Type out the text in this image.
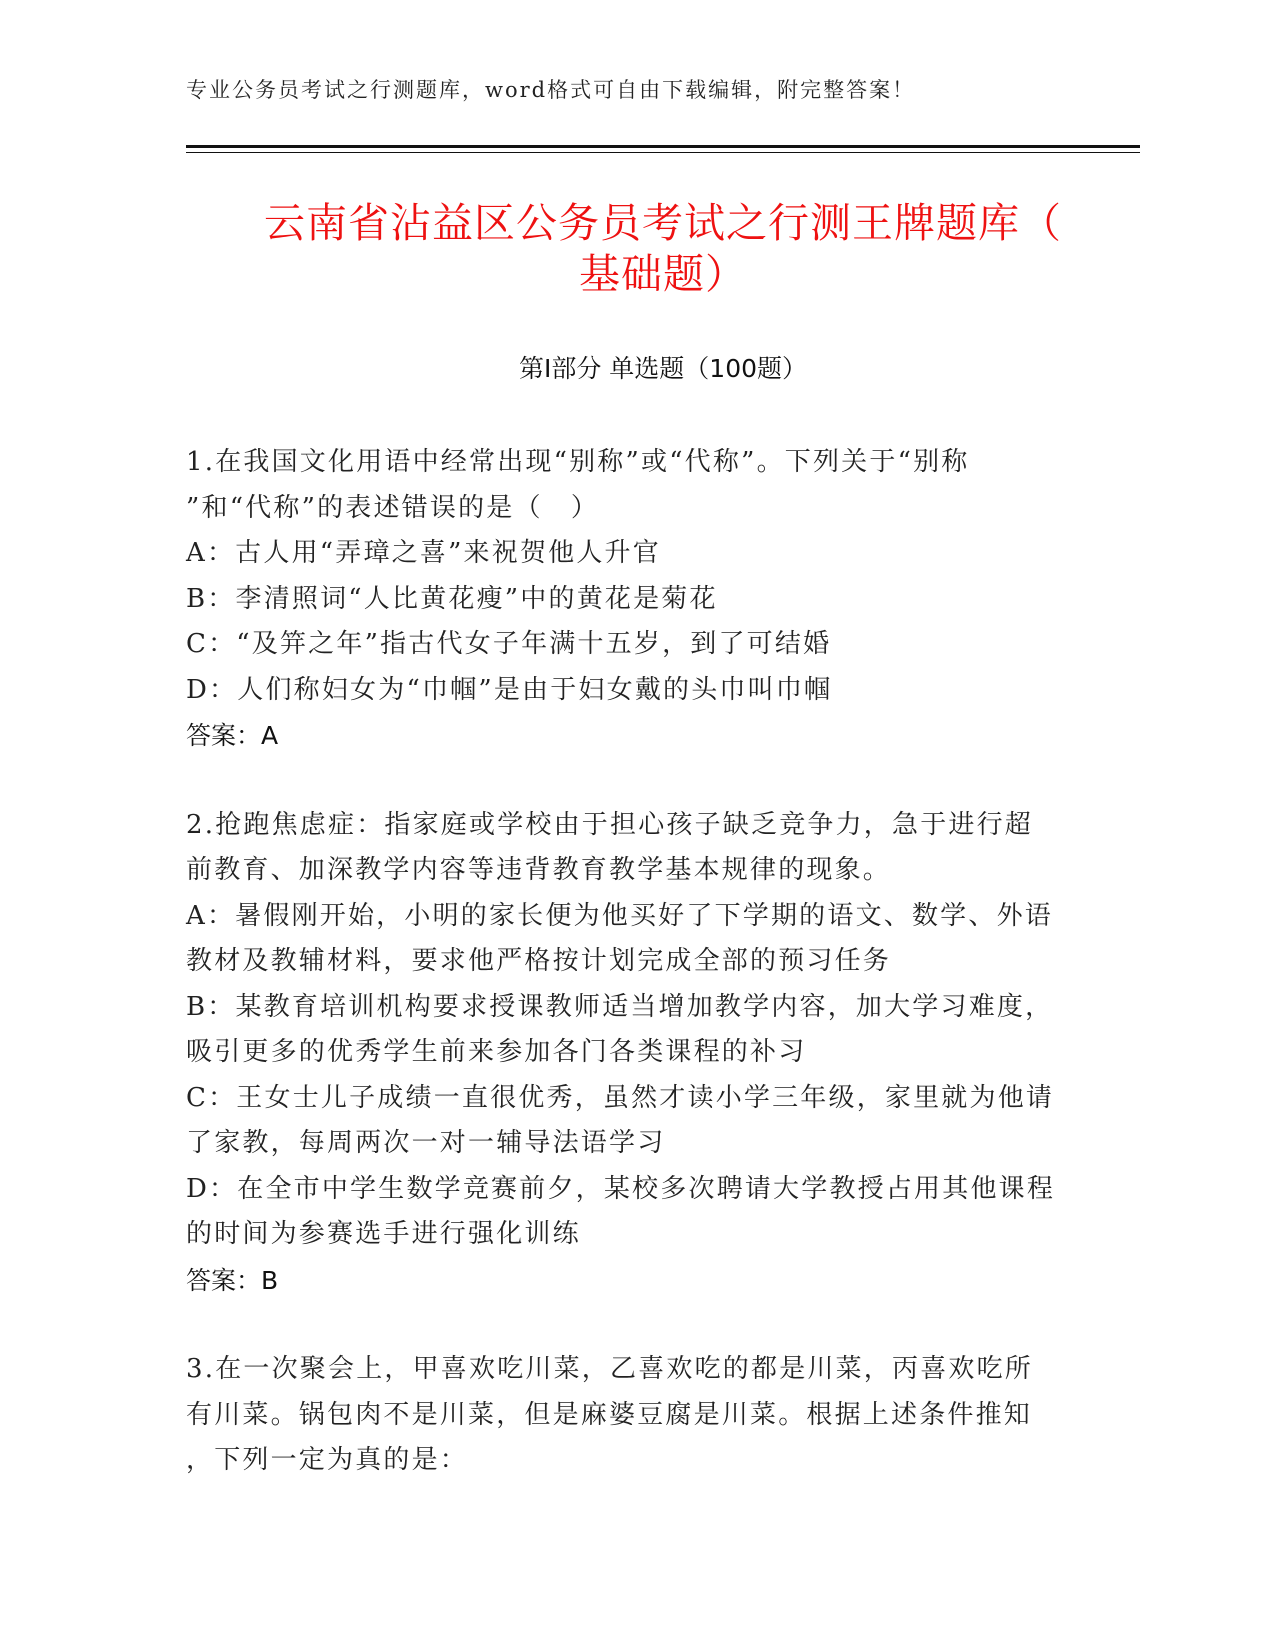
专业公务员考试之行测题库，word格式可自由下载编辑，附完整答案！
云南省沾益区公务员考试之行测王牌题库（
基础题）
第Ⅰ部分 单选题（100题）
1.在我国文化用语中经常出现“别称”或“代称”。下列关于“别称
”和“代称”的表述错误的是（　）
A：古人用“弄璋之喜”来祝贺他人升官
B：李清照词“人比黄花瘦”中的黄花是菊花
C：“及笄之年”指古代女子年满十五岁，到了可结婚
D：人们称妇女为“巾帼”是由于妇女戴的头巾叫巾帼
答案：A
2.抢跑焦虑症：指家庭或学校由于担心孩子缺乏竞争力，急于进行超
前教育、加深教学内容等违背教育教学基本规律的现象。
A：暑假刚开始，小明的家长便为他买好了下学期的语文、数学、外语
教材及教辅材料，要求他严格按计划完成全部的预习任务
B：某教育培训机构要求授课教师适当增加教学内容，加大学习难度，
吸引更多的优秀学生前来参加各门各类课程的补习
C：王女士儿子成绩一直很优秀，虽然才读小学三年级，家里就为他请
了家教，每周两次一对一辅导法语学习
D：在全市中学生数学竞赛前夕，某校多次聘请大学教授占用其他课程
的时间为参赛选手进行强化训练
答案：B
3.在一次聚会上，甲喜欢吃川菜，乙喜欢吃的都是川菜，丙喜欢吃所
有川菜。锅包肉不是川菜，但是麻婆豆腐是川菜。根据上述条件推知
，下列一定为真的是：
